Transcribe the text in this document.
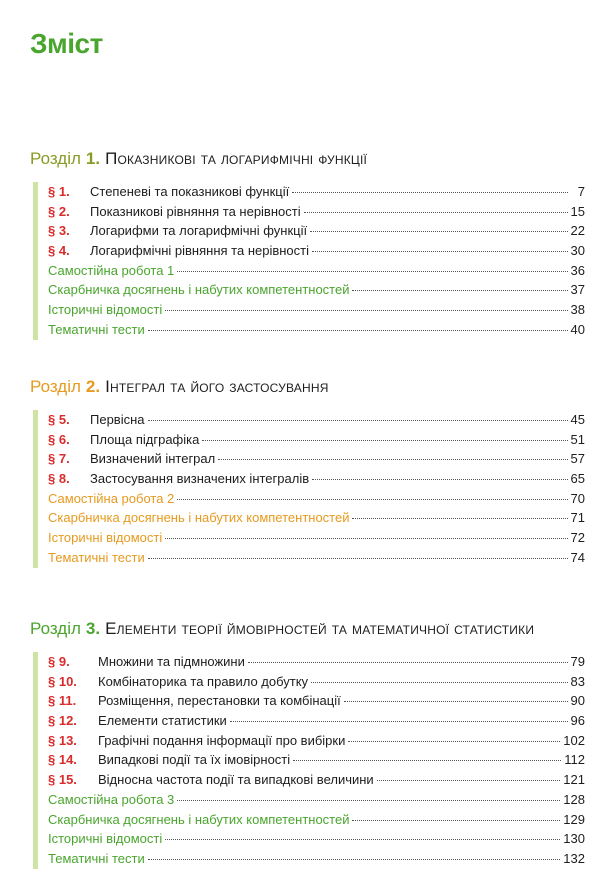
Зміст
Розділ 1. Показникові та логарифмічні функції
§ 1.	Степеневі та показникові функції	7
§ 2.	Показникові рівняння та нерівності	15
§ 3.	Логарифми та логарифмічні функції	22
§ 4.	Логарифмічні рівняння та нерівності	30
Самостійна робота 1	36
Скарбничка досягнень і набутих компетентностей	37
Історичні відомості	38
Тематичні тести	40
Розділ 2. Інтеграл та його застосування
§ 5.	Первісна	45
§ 6.	Площа підграфіка	51
§ 7.	Визначений інтеграл	57
§ 8.	Застосування визначених інтегралів	65
Самостійна робота 2	70
Скарбничка досягнень і набутих компетентностей	71
Історичні відомості	72
Тематичні тести	74
Розділ 3. Елементи теорії ймовірностей та математичної статистики
§ 9.	Множини та підмножини	79
§ 10.	Комбінаторика та правило добутку	83
§ 11.	Розміщення, перестановки та комбінації	90
§ 12.	Елементи статистики	96
§ 13.	Графічні подання інформації про вибірки	102
§ 14.	Випадкові події та їх імовірності	112
§ 15.	Відносна частота події та випадкові величини	121
Самостійна робота 3	128
Скарбничка досягнень і набутих компетентностей	129
Історичні відомості	130
Тематичні тести	132
